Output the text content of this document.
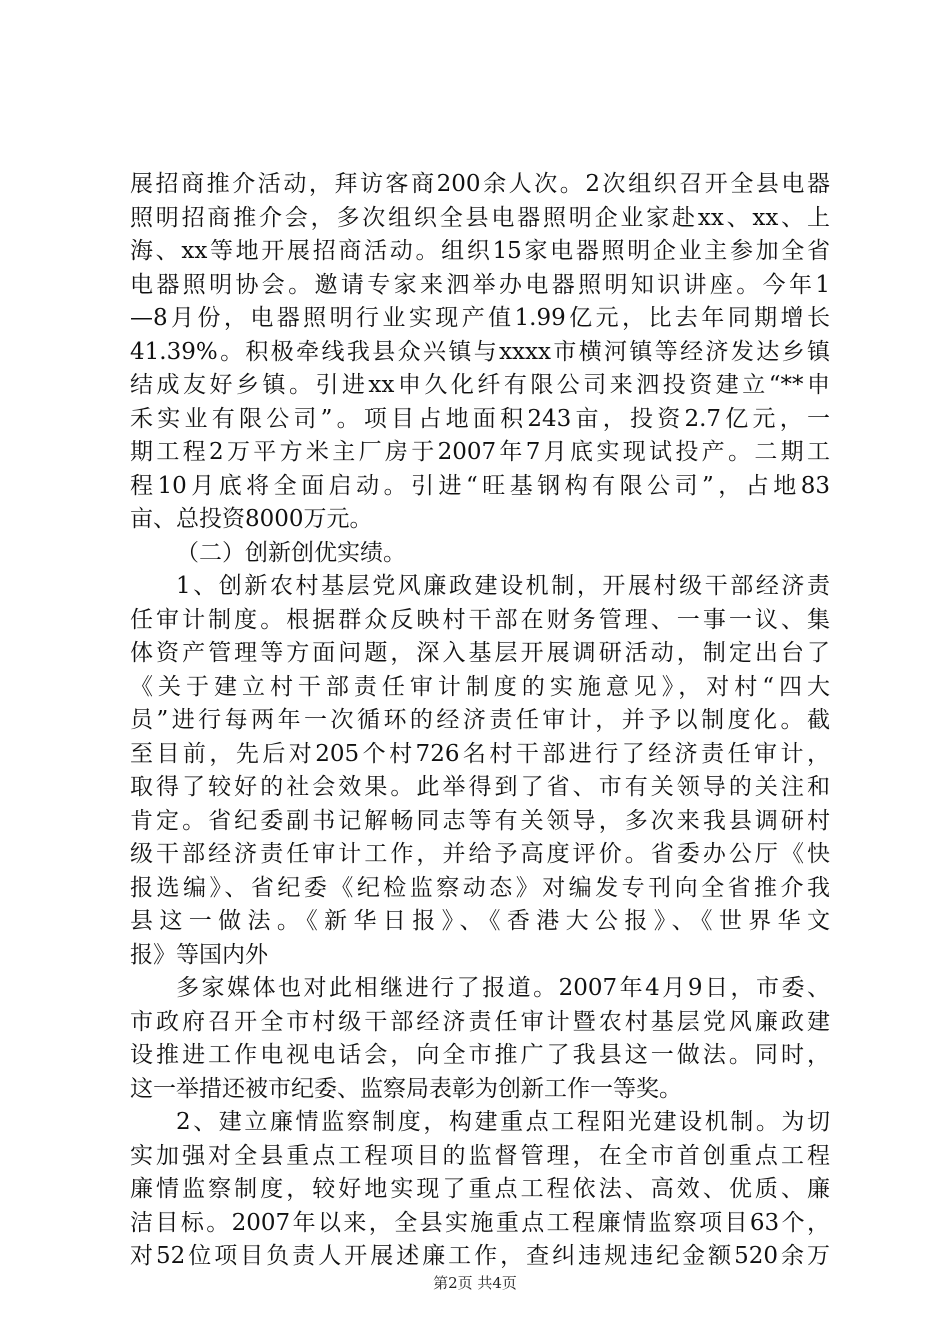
展招商推介活动，拜访客商200余人次。2次组织召开全县电器
照明招商推介会，多次组织全县电器照明企业家赴xx、xx、上
海、xx等地开展招商活动。组织15家电器照明企业主参加全省
电器照明协会。邀请专家来泗举办电器照明知识讲座。今年1
—8月份，电器照明行业实现产值1.99亿元，比去年同期增长
41.39%。积极牵线我县众兴镇与xxxx市横河镇等经济发达乡镇
结成友好乡镇。引进xx申久化纤有限公司来泗投资建立“**申
禾实业有限公司”。项目占地面积243亩，投资2.7亿元，一
期工程2万平方米主厂房于2007年7月底实现试投产。二期工
程10月底将全面启动。引进“旺基钢构有限公司”，占地83
亩、总投资8000万元。
（二）创新创优实绩。
1、创新农村基层党风廉政建设机制，开展村级干部经济责
任审计制度。根据群众反映村干部在财务管理、一事一议、集
体资产管理等方面问题，深入基层开展调研活动，制定出台了
《关于建立村干部责任审计制度的实施意见》，对村“四大
员”进行每两年一次循环的经济责任审计，并予以制度化。截
至目前，先后对205个村726名村干部进行了经济责任审计，
取得了较好的社会效果。此举得到了省、市有关领导的关注和
肯定。省纪委副书记解畅同志等有关领导，多次来我县调研村
级干部经济责任审计工作，并给予高度评价。省委办公厅《快
报选编》、省纪委《纪检监察动态》对编发专刊向全省推介我
县这一做法。《新华日报》、《香港大公报》、《世界华文
报》等国内外
多家媒体也对此相继进行了报道。2007年4月9日，市委、
市政府召开全市村级干部经济责任审计暨农村基层党风廉政建
设推进工作电视电话会，向全市推广了我县这一做法。同时，
这一举措还被市纪委、监察局表彰为创新工作一等奖。
2、建立廉情监察制度，构建重点工程阳光建设机制。为切
实加强对全县重点工程项目的监督管理，在全市首创重点工程
廉情监察制度，较好地实现了重点工程依法、高效、优质、廉
洁目标。2007年以来，全县实施重点工程廉情监察项目63个，
对52位项目负责人开展述廉工作，查纠违规违纪金额520余万
第2页 共4页
